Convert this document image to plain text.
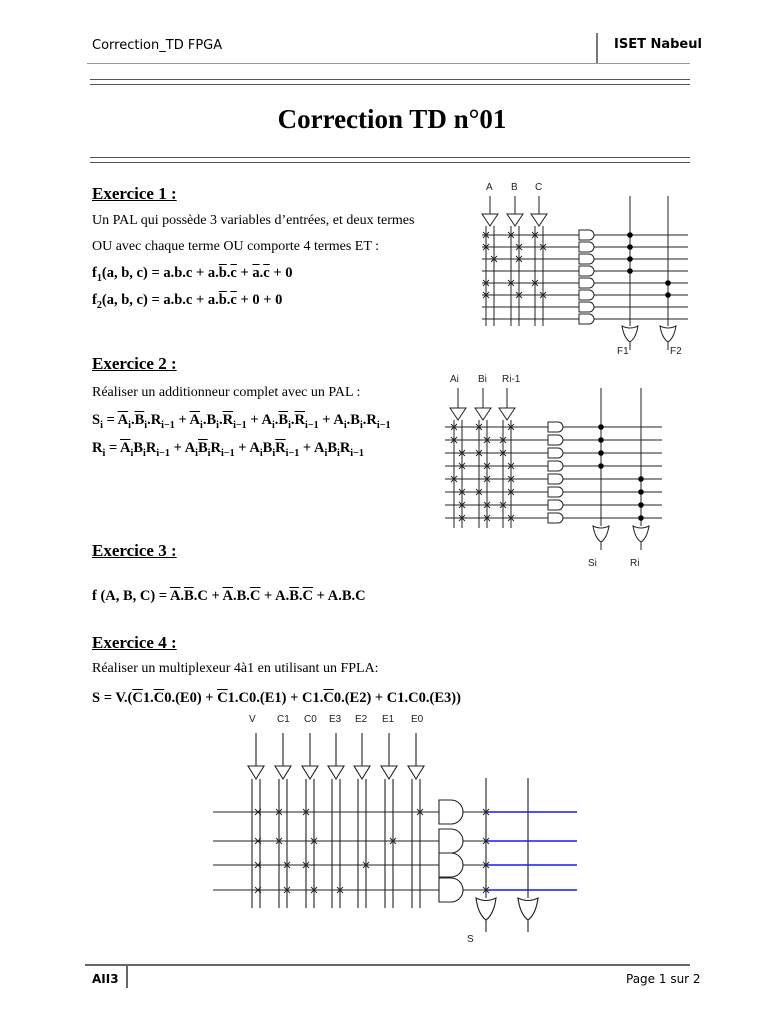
Correction_TD FPGA	ISET Nabeul
Correction TD n°01
Exercice 1 :
Un PAL qui possède 3 variables d’entrées, et deux termes
OU avec chaque terme OU comporte 4 termes ET :
$f_1(a$, b, $c) = a.b.c + a.\overline{b}.\overline{c} + \overline{a}.\overline{c} + 0$
$f_2(a$, b, $c) = a.b.c + a.\overline{b}.\overline{c} + 0 + 0$
A B C
F1	F2
Exercice 2 :
Réaliser un additionneur complet avec un PAL :
$S_i = \overline{A}_i.\overline{B}_i.R_{i-1} + \overline{A}_i.B_i.\overline{R}_{i-1} + A_i.\overline{B}_i.\overline{R}_{i-1} + A_i.B_i.R_{i-1}$
$R_i = \overline{A}_iB_iR_{i-1} + A_i\overline{B}_iR_{i-1} + A_iB_i\overline{R}_{i-1} + A_iB_iR_{i-1}$
Ai Bi Ri-1
Si	Ri
Exercice 3 :
f (A, B, $C) = \overline{A}.\overline{B}.C + \overline{A}.B.\overline{C} + A.\overline{B}.\overline{C} + A.B.C$
Exercice 4 :
Réaliser un multiplexeur 4à1 en utilisant un FPLA:
$S = V.(\overline{C}1.\overline{C}0.(E0) + \overline{C}1.C0.(E1) + C1.\overline{C}0.(E2) + C1.C0.(E3))$
V C1 C0 E3 E2 E1 E0
S
AII3	Page 1 sur 2
